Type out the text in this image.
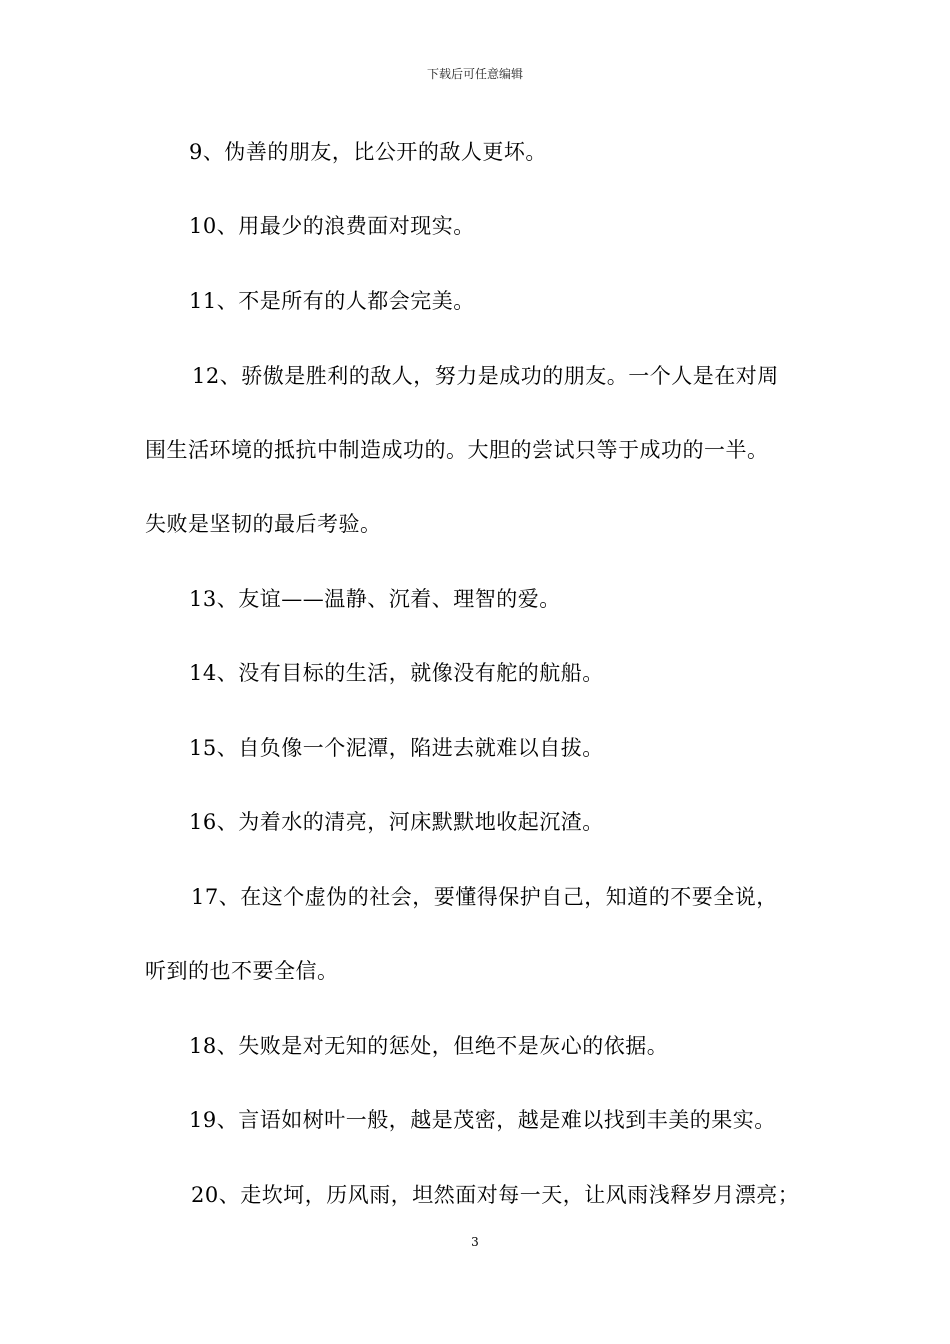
下载后可任意编辑
9、伪善的朋友，比公开的敌人更坏。
10、用最少的浪费面对现实。
11、不是所有的人都会完美。
12、骄傲是胜利的敌人，努力是成功的朋友。一个人是在对周
围生活环境的抵抗中制造成功的。大胆的尝试只等于成功的一半。
失败是坚韧的最后考验。
13、友谊——温静、沉着、理智的爱。
14、没有目标的生活，就像没有舵的航船。
15、自负像一个泥潭，陷进去就难以自拔。
16、为着水的清亮，河床默默地收起沉渣。
17、在这个虚伪的社会，要懂得保护自己，知道的不要全说，
听到的也不要全信。
18、失败是对无知的惩处，但绝不是灰心的依据。
19、言语如树叶一般，越是茂密，越是难以找到丰美的果实。
20、走坎坷，历风雨，坦然面对每一天，让风雨浅释岁月漂亮；
3
